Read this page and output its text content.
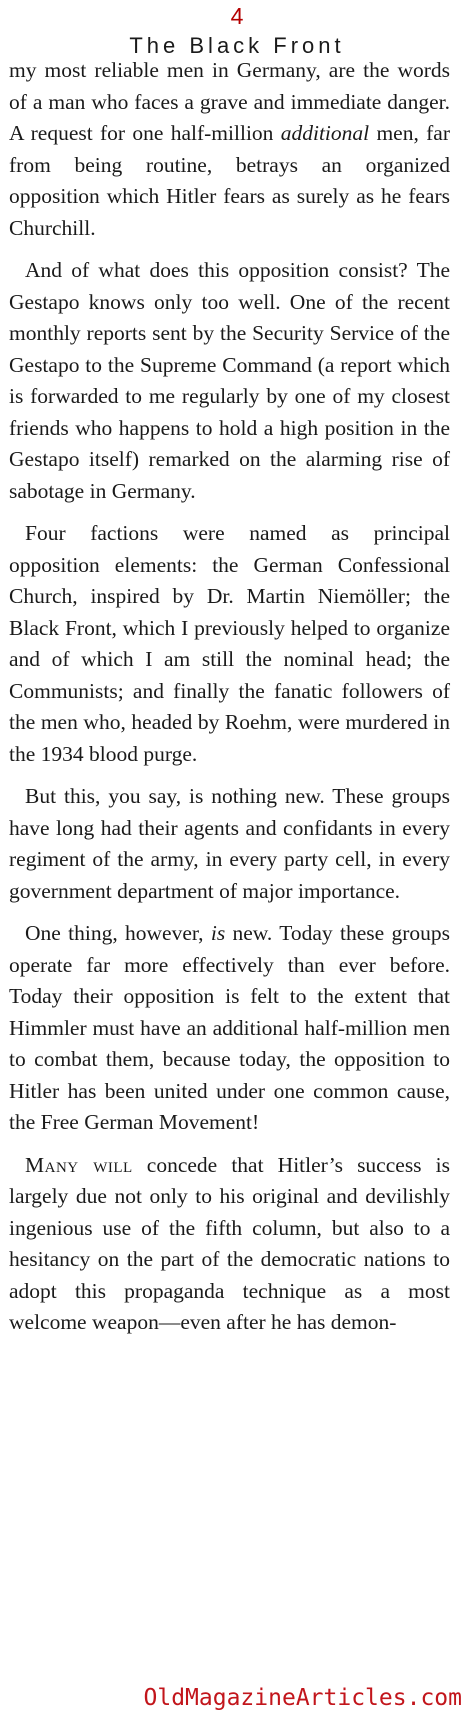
4
The Black Front

my most reliable men in Germany, are the words of a man who faces a grave and immediate danger. A request for one half-million additional men, far from being routine, betrays an organized opposition which Hitler fears as surely as he fears Churchill.

And of what does this opposition consist? The Gestapo knows only too well. One of the recent monthly reports sent by the Security Service of the Gestapo to the Supreme Command (a report which is forwarded to me regularly by one of my closest friends who happens to hold a high position in the Gestapo itself) remarked on the alarming rise of sabotage in Germany.

Four factions were named as principal opposition elements: the German Confessional Church, inspired by Dr. Martin Niemöller; the Black Front, which I previously helped to organize and of which I am still the nominal head; the Communists; and finally the fanatic followers of the men who, headed by Roehm, were murdered in the 1934 blood purge.

But this, you say, is nothing new. These groups have long had their agents and confidants in every regiment of the army, in every party cell, in every government department of major importance.

One thing, however, is new. Today these groups operate far more effectively than ever before. Today their opposition is felt to the extent that Himmler must have an additional half-million men to combat them, because today, the opposition to Hitler has been united under one common cause, the Free German Movement!

Many will concede that Hitler’s success is largely due not only to his original and devilishly ingenious use of the fifth column, but also to a hesitancy on the part of the democratic nations to adopt this propaganda technique as a most welcome weapon—even after he has demon-

OldMagazineArticles.com
